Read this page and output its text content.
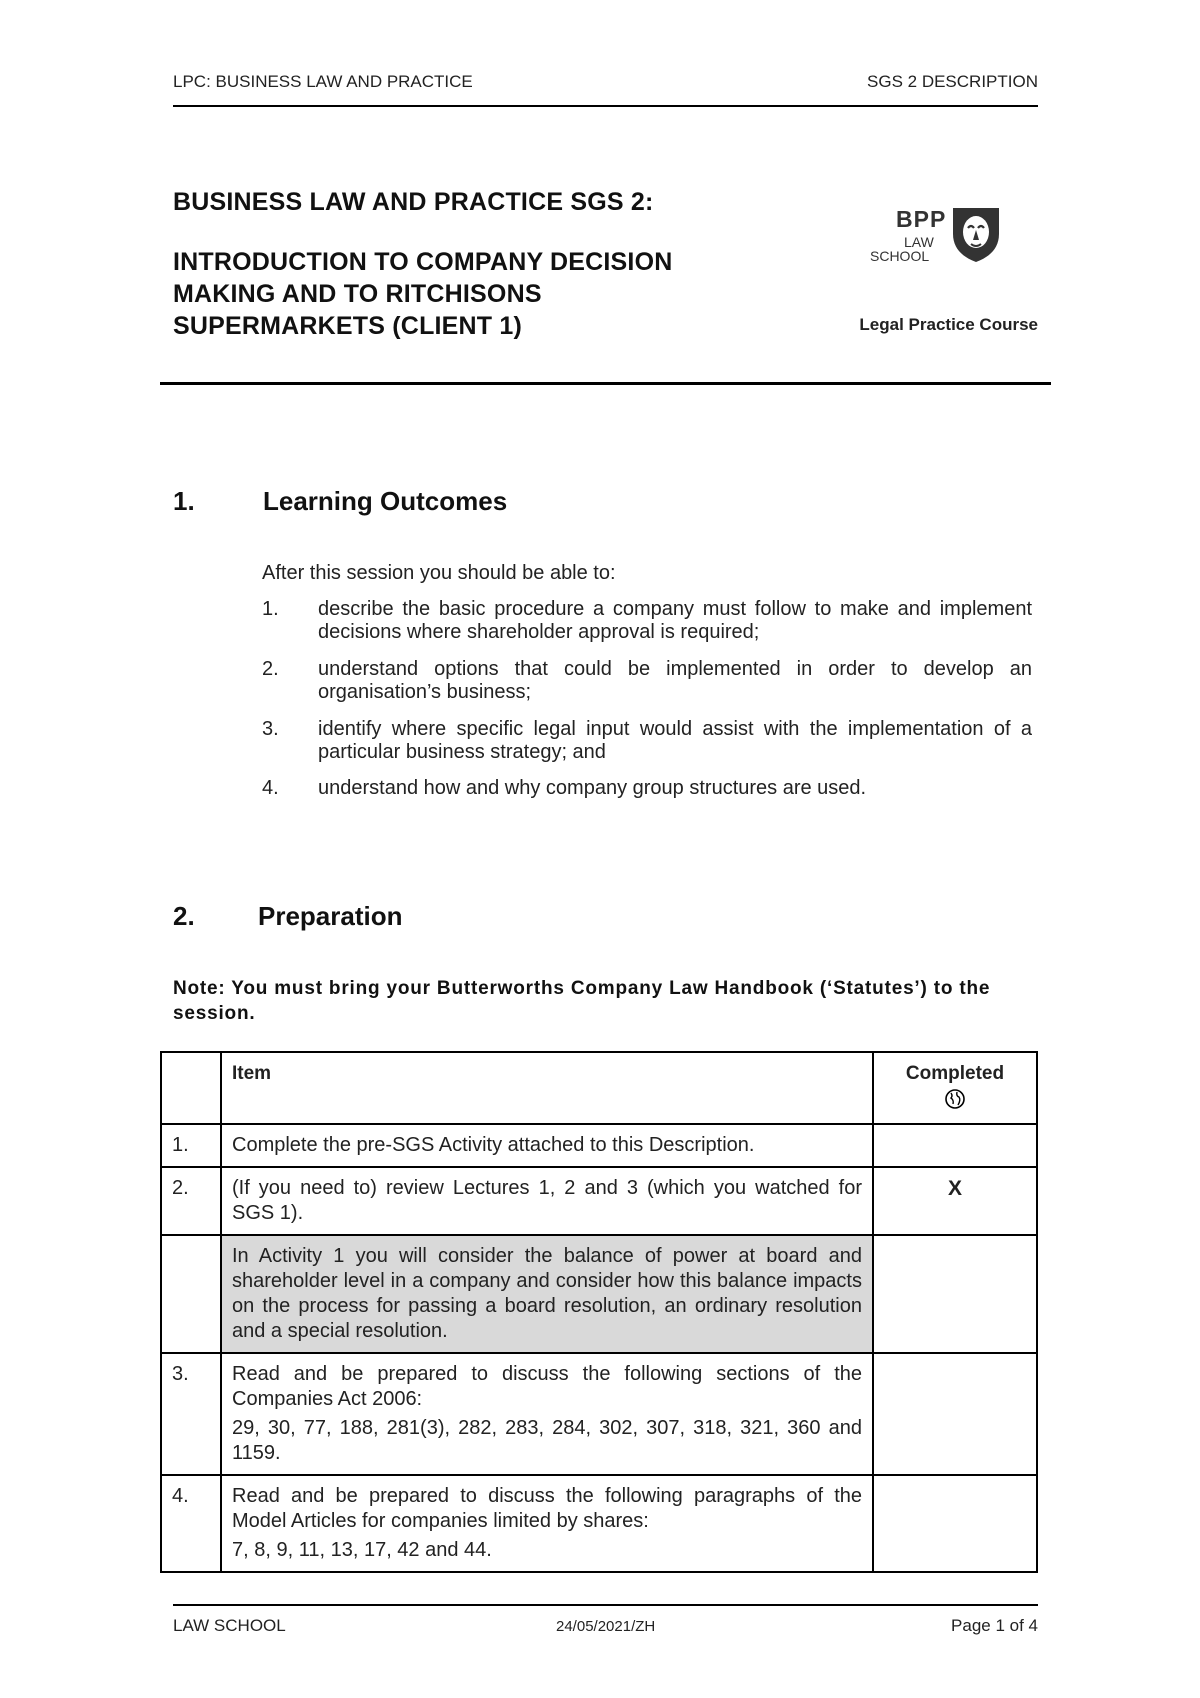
LPC: BUSINESS LAW AND PRACTICE	SGS 2 DESCRIPTION
BUSINESS LAW AND PRACTICE SGS 2:
INTRODUCTION TO COMPANY DECISION
MAKING AND TO RITCHISONS
SUPERMARKETS (CLIENT 1)
BPP
LAW
SCHOOL
Legal Practice Course
1.	Learning Outcomes
After this session you should be able to:
1. describe the basic procedure a company must follow to make and implement decisions where shareholder approval is required;
2. understand options that could be implemented in order to develop an organisation’s business;
3. identify where specific legal input would assist with the implementation of a particular business strategy; and
4. understand how and why company group structures are used.
2. Preparation
Note: You must bring your Butterworths Company Law Handbook (‘Statutes’) to the session.
	Item	Completed

1.	Complete the pre-SGS Activity attached to this Description.	
2.	(If you need to) review Lectures 1, 2 and 3 (which you watched for SGS 1).	X
	In Activity 1 you will consider the balance of power at board and shareholder level in a company and consider how this balance impacts on the process for passing a board resolution, an ordinary resolution and a special resolution.	
3.	Read and be prepared to discuss the following sections of the Companies Act 2006:
29, 30, 77, 188, 281(3), 282, 283, 284, 302, 307, 318, 321, 360 and 1159.	

4.	Read and be prepared to discuss the following paragraphs of the Model Articles for companies limited by shares:
7, 8, 9, 11, 13, 17, 42 and 44.	

LAW SCHOOL	24/05/2021/ZH	Page 1 of 4
